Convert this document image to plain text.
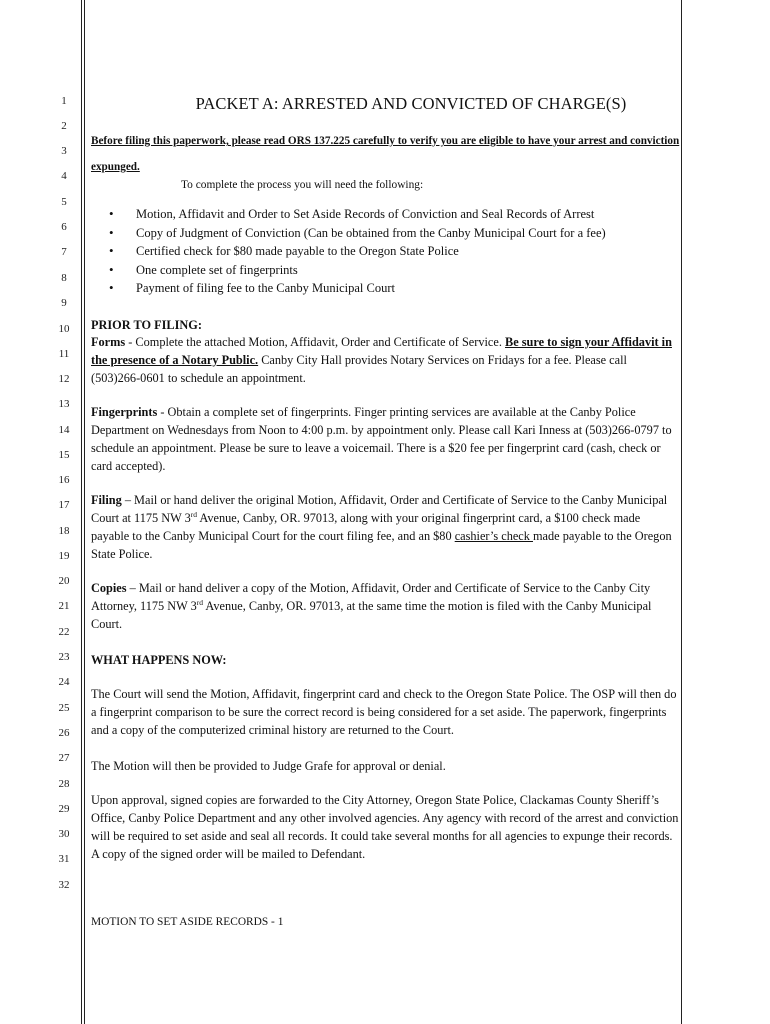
1
2
3
4
5
6
7
8
9
10
11
12
13
14
15
16
17
18
19
20
21
22
23
24
25
26
27
28
29
30
31
32
PACKET A: ARRESTED AND CONVICTED OF CHARGE(S)
Before filing this paperwork, please read ORS 137.225 carefully to verify you are eligible to have your arrest and conviction expunged.
To complete the process you will need the following:
• Motion, Affidavit and Order to Set Aside Records of Conviction and Seal Records of Arrest
• Copy of Judgment of Conviction (Can be obtained from the Canby Municipal Court for a fee)
• Certified check for $80 made payable to the Oregon State Police
• One complete set of fingerprints
• Payment of filing fee to the Canby Municipal Court

PRIOR TO FILING:

Forms - Complete the attached Motion, Affidavit, Order and Certificate of Service. Be sure to sign your Affidavit in the presence of a Notary Public. Canby City Hall provides Notary Services on Fridays for a fee. Please call (503)266-0601 to schedule an appointment.

Fingerprints - Obtain a complete set of fingerprints. Finger printing services are available at the Canby Police Department on Wednesdays from Noon to 4:00 p.m. by appointment only. Please call Kari Inness at (503)266-0797 to schedule an appointment. Please be sure to leave a voicemail. There is a $20 fee per fingerprint card (cash, check or card accepted).

Filing – Mail or hand deliver the original Motion, Affidavit, Order and Certificate of Service to the Canby Municipal Court at 1175 NW 3rd Avenue, Canby, OR. 97013, along with your original fingerprint card, a $100 check made payable to the Canby Municipal Court for the court filing fee, and an $80 cashier’s check made payable to the Oregon State Police.

Copies – Mail or hand deliver a copy of the Motion, Affidavit, Order and Certificate of Service to the Canby City Attorney, 1175 NW 3rd Avenue, Canby, OR. 97013, at the same time the motion is filed with the Canby Municipal Court.

WHAT HAPPENS NOW:

The Court will send the Motion, Affidavit, fingerprint card and check to the Oregon State Police. The OSP will then do a fingerprint comparison to be sure the correct record is being considered for a set aside. The paperwork, fingerprints and a copy of the computerized criminal history are returned to the Court.

The Motion will then be provided to Judge Grafe for approval or denial.

Upon approval, signed copies are forwarded to the City Attorney, Oregon State Police, Clackamas County Sheriff’s Office, Canby Police Department and any other involved agencies. Any agency with record of the arrest and conviction will be required to set aside and seal all records. It could take several months for all agencies to expunge their records. A copy of the signed order will be mailed to Defendant.

MOTION TO SET ASIDE RECORDS - 1
